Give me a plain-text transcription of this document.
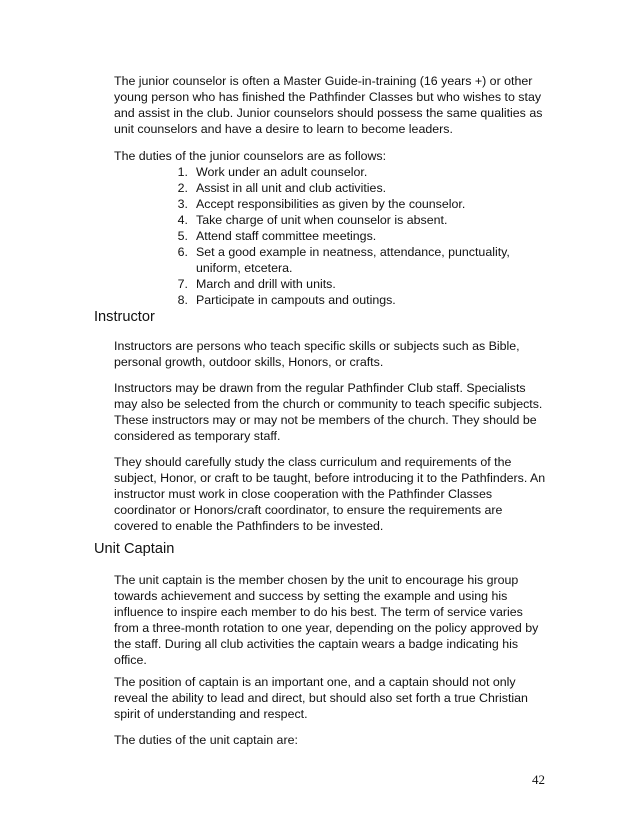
The junior counselor is often a Master Guide-in-training (16 years +) or other

young person who has finished the Pathfinder Classes but who wishes to stay

and assist in the club. Junior counselors should possess the same qualities as

unit counselors and have a desire to learn to become leaders.

The duties of the junior counselors are as follows:

1. Work under an adult counselor.
2. Assist in all unit and club activities.
3. Accept responsibilities as given by the counselor.
4. Take charge of unit when counselor is absent.
5. Attend staff committee meetings.
6. Set a good example in neatness, attendance, punctuality,
uniform, etcetera.
7. March and drill with units.
8. Participate in campouts and outings.
Instructor

Instructors are persons who teach specific skills or subjects such as Bible,

personal growth, outdoor skills, Honors, or crafts.

Instructors may be drawn from the regular Pathfinder Club staff. Specialists

may also be selected from the church or community to teach specific subjects.

These instructors may or may not be members of the church. They should be

considered as temporary staff.

They should carefully study the class curriculum and requirements of the

subject, Honor, or craft to be taught, before introducing it to the Pathfinders. An

instructor must work in close cooperation with the Pathfinder Classes

coordinator or Honors/craft coordinator, to ensure the requirements are

covered to enable the Pathfinders to be invested.

Unit Captain

The unit captain is the member chosen by the unit to encourage his group

towards achievement and success by setting the example and using his

influence to inspire each member to do his best. The term of service varies

from a three-month rotation to one year, depending on the policy approved by

the staff. During all club activities the captain wears a badge indicating his

office.

The position of captain is an important one, and a captain should not only

reveal the ability to lead and direct, but should also set forth a true Christian

spirit of understanding and respect.

The duties of the unit captain are:

42
